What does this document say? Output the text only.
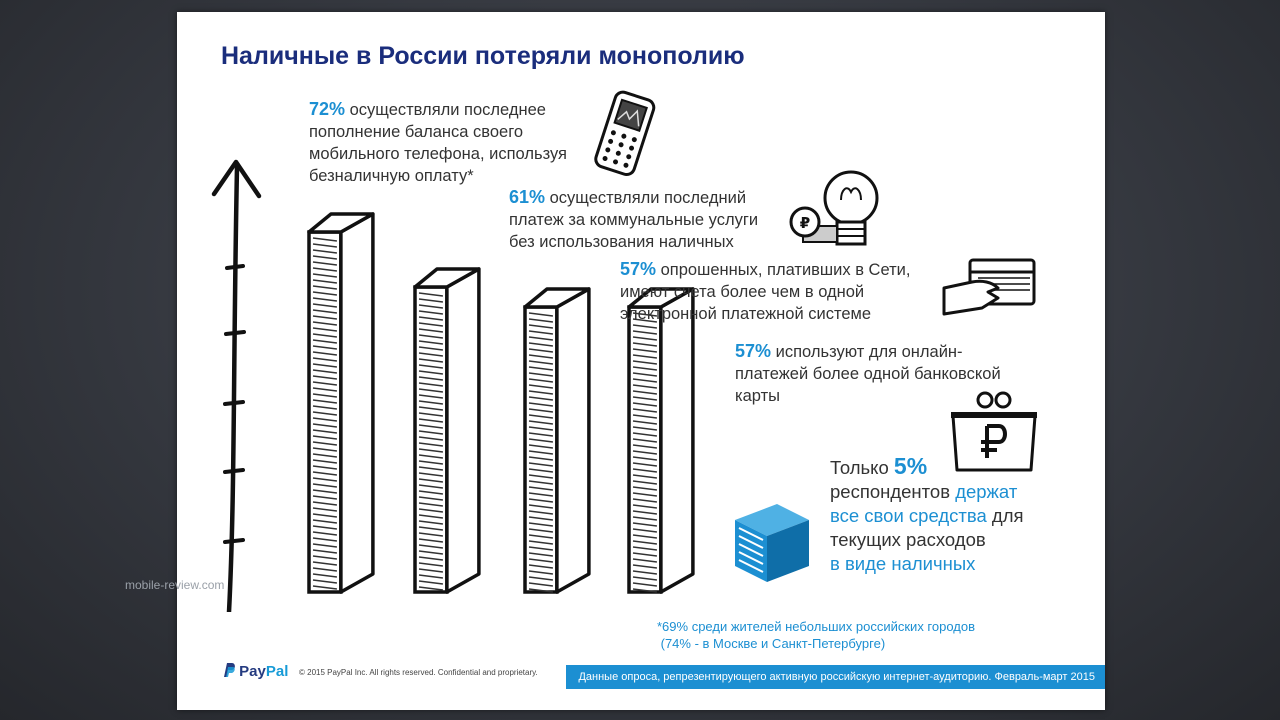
Наличные в России потеряли монополию

72% осуществляли последнее
пополнение баланса своего
мобильного телефона, используя
безналичную оплату*

61% осуществляли последний
платеж за коммунальные услуги
без использования наличных

57% опрошенных, плативших в Сети,
имеют счета более чем в одной
электронной платежной системе

57% используют для онлайн-
платежей более одной банковской
карты

₽

Только 5%
респондентов держат
все свои средства для
текущих расходов
в виде наличных

*69% среди жителей небольших российских городов
(74% - в Москве и Санкт-Петербурге)

PayPal © 2015 PayPal Inc. All rights reserved. Confidential and proprietary.	Данные опроса, репрезентирующего активную российскую интернет-аудиторию. Февраль-март 2015
mobile-review.com
